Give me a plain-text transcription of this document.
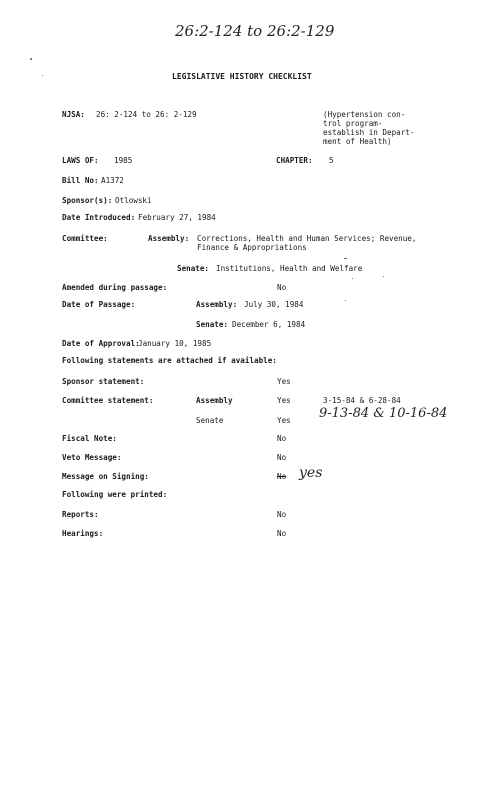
26:2-124 to 26:2-129
LEGISLATIVE HISTORY CHECKLIST
NJSA: 26: 2-124 to 26: 2-129	(Hypertension con-
trol program-
establish in Depart-
ment of Health)
LAWS OF: 1985	CHAPTER: 5
Bill No: A1372
Sponsor(s): Otlowski
Date Introduced: February 27, 1984
Committee:	Assembly: Corrections, Health and Human Services; Revenue,
Finance & Appropriations
Senate: Institutions, Health and Welfare
Amended during passage:	No
Date of Passage:	Assembly: July 30, 1984
Senate: December 6, 1984
Date of Approval:
January 10, 1985
Following statements are attached if available:
Sponsor statement:	Yes
Committee statement:	Assembly	Yes	3-15-84 & 6-28-84
Senate	Yes 9-13-84 & 10-16-84
Fiscal Note:	No
Veto Message:	No
Message on Signing:	No yes
Following were printed:
Reports:	No
Hearings:	No
